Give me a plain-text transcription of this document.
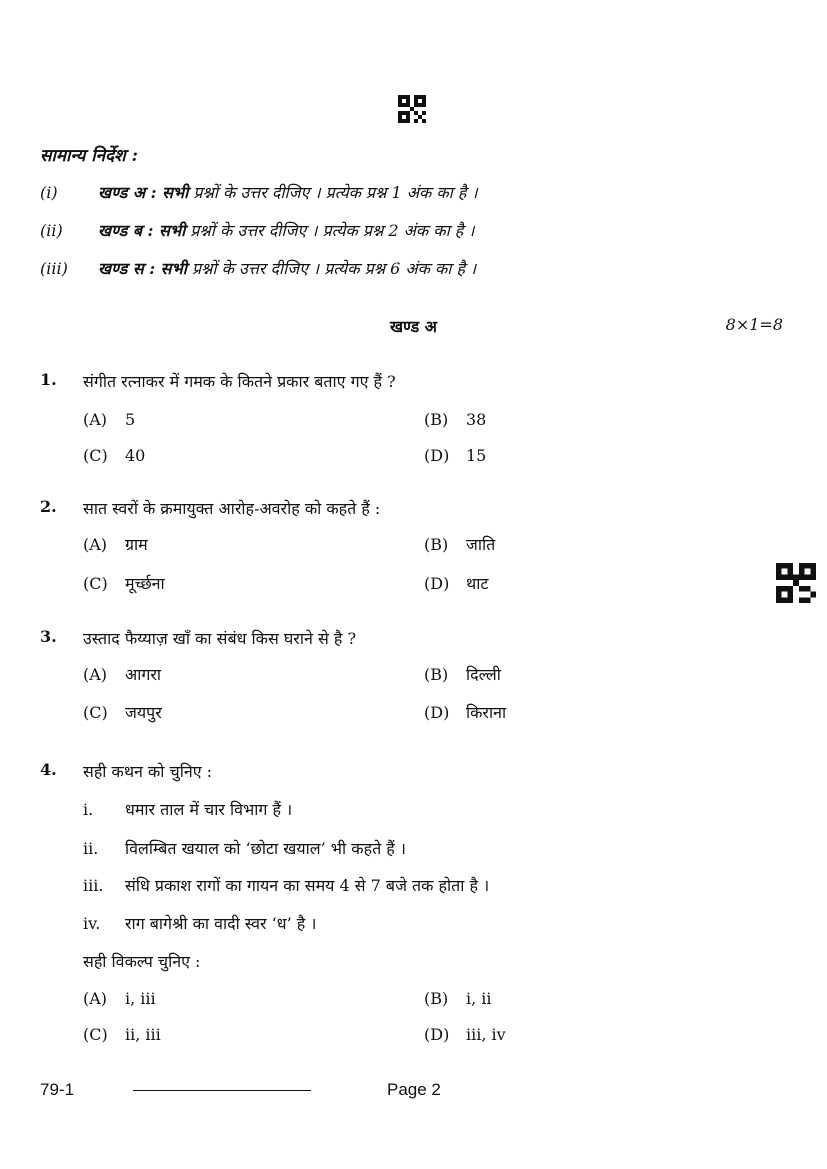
सामान्य निर्देश :
(i)	खण्ड अ : सभी प्रश्नों के उत्तर दीजिए । प्रत्येक प्रश्न 1 अंक का है ।
(ii) खण्ड ब : सभी प्रश्नों के उत्तर दीजिए । प्रत्येक प्रश्न 2 अंक का है ।
(iii) खण्ड स : सभी प्रश्नों के उत्तर दीजिए । प्रत्येक प्रश्न 6 अंक का है ।
खण्ड अ	8×1=8
1. संगीत रत्नाकर में गमक के कितने प्रकार बताए गए हैं ?
(A) 5	(B) 38
(C) 40	(D) 15
2. सात स्वरों के क्रमायुक्त आरोह-अवरोह को कहते हैं :
(A) ग्राम	(B) जाति
(C) मूर्च्छना	(D) थाट
3. उस्ताद फैय्याज़ खाँ का संबंध किस घराने से है ?
(A) आगरा	(B) दिल्ली
(C) जयपुर	(D) किराना
4. सही कथन को चुनिए :
i. धमार ताल में चार विभाग हैं ।
ii. विलम्बित खयाल को ‘छोटा खयाल’ भी कहते हैं ।
iii. संधि प्रकाश रागों का गायन का समय 4 से 7 बजे तक होता है ।
iv. राग बागेश्री का वादी स्वर ‘ध’ है ।
सही विकल्प चुनिए :
(A) i, iii	(B) i, ii
(C) ii, iii	(D) iii, iv
79-1	Page 2
